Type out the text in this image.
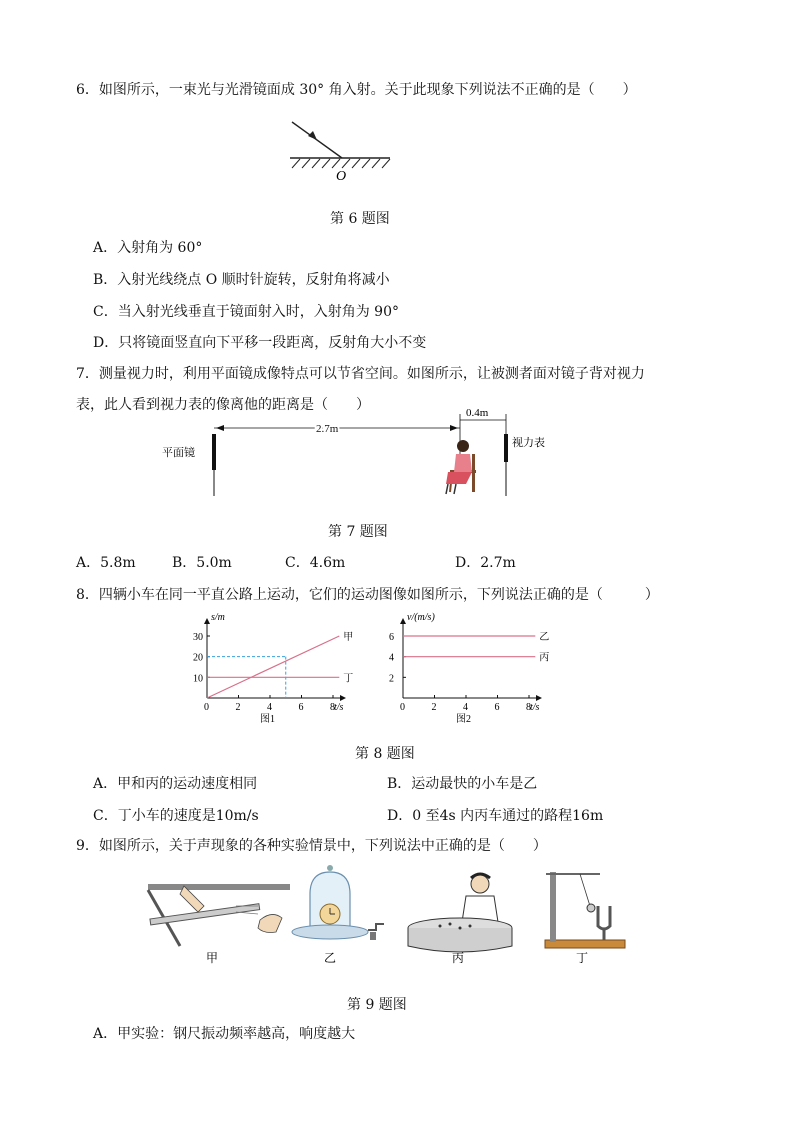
6．如图所示，一束光与光滑镜面成 30° 角入射。关于此现象下列说法不正确的是（　　）
O
第 6 题图
A．入射角为 60°
B．入射光线绕点 O 顺时针旋转，反射角将减小
C．当入射光线垂直于镜面射入时，入射角为 90°
D．只将镜面竖直向下平移一段距离，反射角大小不变
7．测量视力时，利用平面镜成像特点可以节省空间。如图所示，让被测者面对镜子背对视力
表，此人看到视力表的像离他的距离是（　　）
平面镜
2.7m
0.4m
视力表
第 7 题图
A．5.8m	B．5.0m	C．4.6m	D．2.7m
8．四辆小车在同一平直公路上运动，它们的运动图像如图所示，下列说法正确的是（　　　）
0	2	4	6	8
10
20
30
s/m
t/s
图1
甲
丁
0	2	4	6	8
2
4
6
v/(m/s)
t/s
图2
乙
丙
第 8 题图
A．甲和丙的运动速度相同	B．运动最快的小车是乙
C．丁小车的速度是10m/s	D．0 至4s 内丙车通过的路程16m
9．如图所示，关于声现象的各种实验情景中，下列说法中正确的是（　　）
甲	乙	丙	丁
第 9 题图
A．甲实验：钢尺振动频率越高，响度越大
